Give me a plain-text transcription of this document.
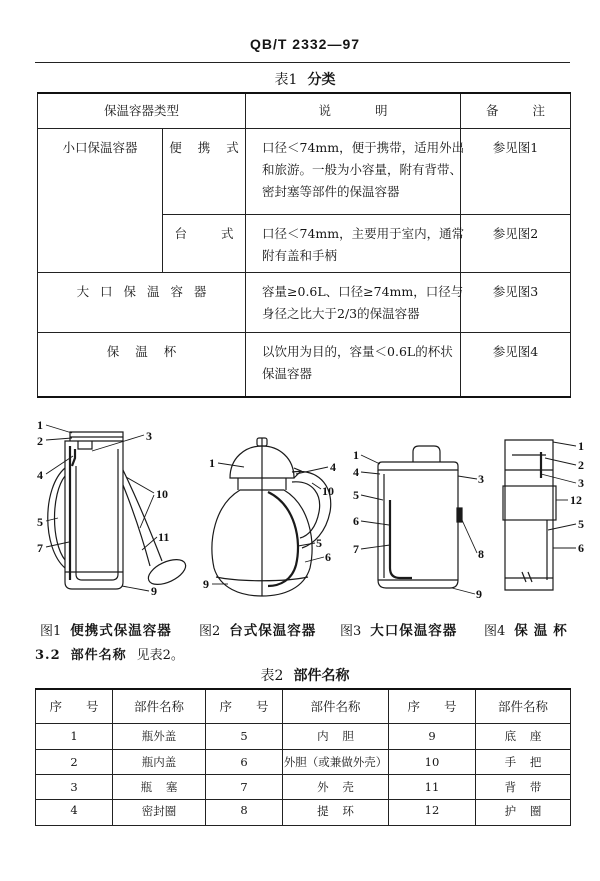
QB/T 2332—97
表1 分类
保温容器类型		说 明	备 注
小口保温容器	便 携 式	口径＜74mm，便于携带，适用外出
和旅游。一般为小容量，附有背带、
密封塞等部件的保温容器	参见图1
	台 式	口径＜74mm，主要用于室内，通常
附有盖和手柄	参见图2
大 口 保 温 容 器		容量≥0.6L、口径≥74mm，口径与
身径之比大于2/3的保温容器	参见图3
保 温 杯		以饮用为目的，容量＜0.6L的杯状
保温容器	参见图4
1
2	3
4
5
7
10
11
9
1	4
10
5
6
9
1
4	3
5
6
7	8
9
1
2
3
12
5
6
图1 便携式保温容器 图2 台式保温容器 图3 大口保温容器 图4 保温杯
3.2 部件名称 见表2。
表2 部件名称
序 号	部件名称	序 号	部件名称	序 号	部件名称
1	瓶外盖	5	内 胆	9	底 座
2	瓶内盖	6	外胆（或兼做外壳）	10	手 把
3	瓶 塞	7	外 壳	11	背 带
4	密封圈	8	提 环	12	护 圈
